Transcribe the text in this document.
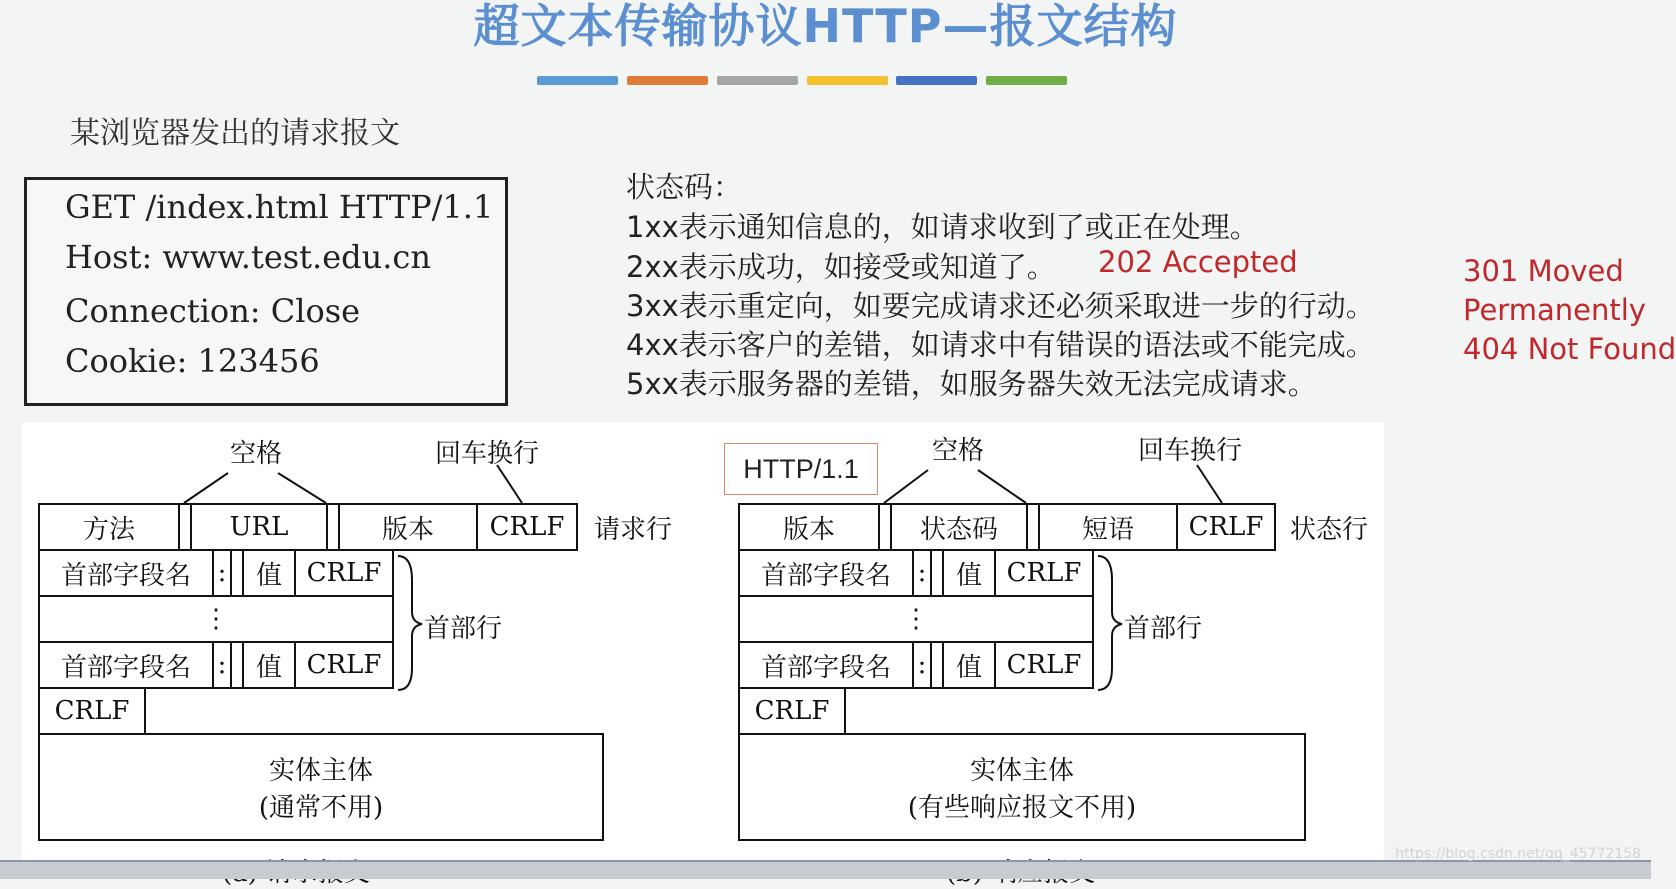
超文本传输协议HTTP—报文结构
某浏览器发出的请求报文
GET /index.html HTTP/1.1
Host: www.test.edu.cn
Connection: Close
Cookie: 123456
状态码：
1xx表示通知信息的，如请求收到了或正在处理。
2xx表示成功，如接受或知道了。 202 Accepted
3xx表示重定向，如要完成请求还必须采取进一步的行动。
4xx表示客户的差错，如请求中有错误的语法或不能完成。
5xx表示服务器的差错，如服务器失效无法完成请求。
301 Moved
Permanently
404 Not Found
空格	回车换行
方法	URL	版本	CRLF	请求行
首部字段名	:	值 CRLF
⋮
首部字段名	:	值 CRLF
首部行
CRLF
实体主体
(通常不用)
HTTP/1.1
空格	回车换行
版本	状态码	短语	CRLF	状态行
首部字段名	:	值 CRLF
⋮
首部字段名	:	值 CRLF
首部行
CRLF
实体主体
(有些响应报文不用)
https://blog.csdn.net/qq_45772158
